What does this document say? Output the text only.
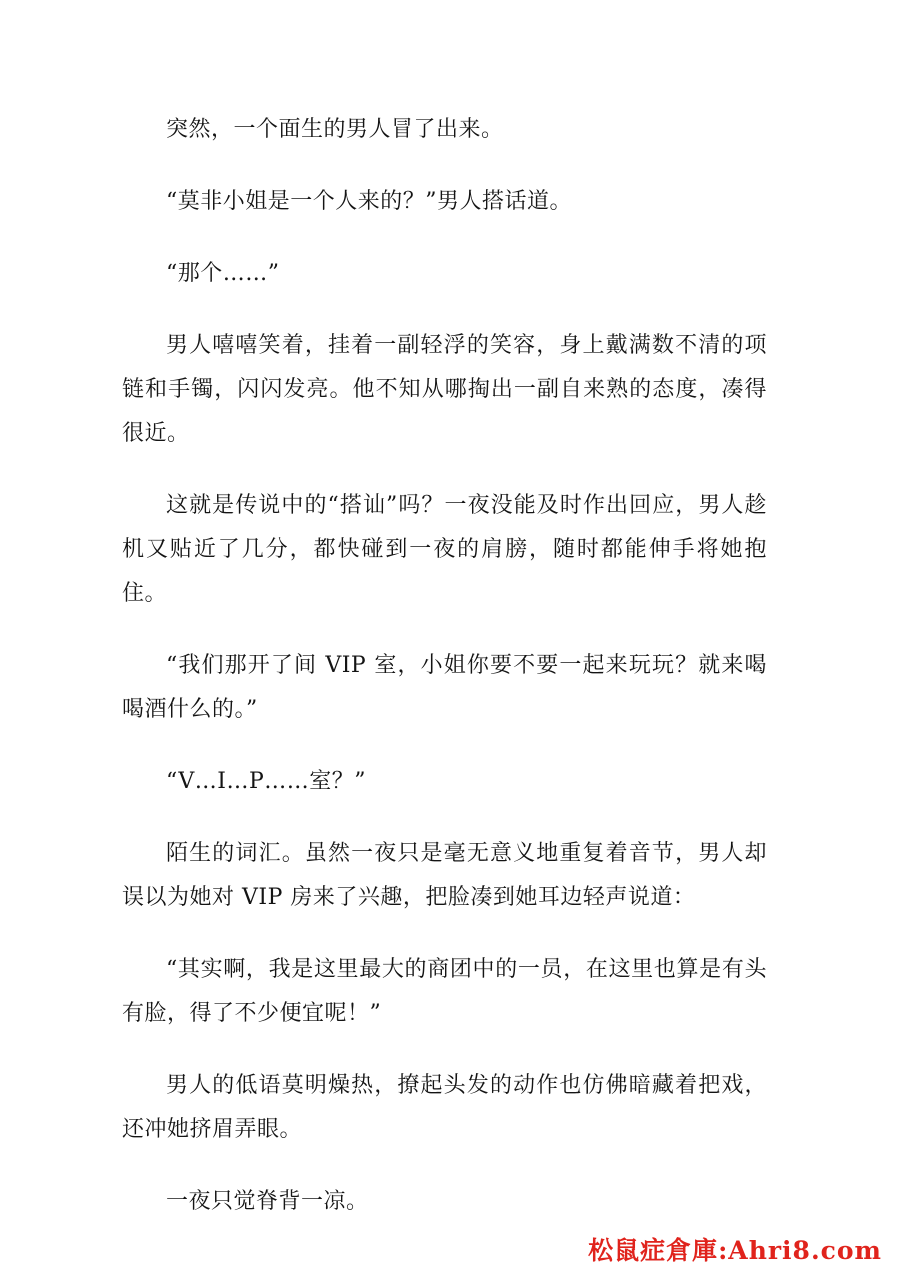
突然，一个面生的男人冒了出来。

“莫非小姐是一个人来的？”男人搭话道。

“那个……”

男人嘻嘻笑着，挂着一副轻浮的笑容，身上戴满数不清的项链和手镯，闪闪发亮。他不知从哪掏出一副自来熟的态度，凑得很近。

这就是传说中的“搭讪”吗？一夜没能及时作出回应，男人趁机又贴近了几分，都快碰到一夜的肩膀，随时都能伸手将她抱住。

“我们那开了间 VIP 室，小姐你要不要一起来玩玩？就来喝喝酒什么的。”

“V…I…P……室？”

陌生的词汇。虽然一夜只是毫无意义地重复着音节，男人却误以为她对 VIP 房来了兴趣，把脸凑到她耳边轻声说道：

“其实啊，我是这里最大的商团中的一员，在这里也算是有头有脸，得了不少便宜呢！”

男人的低语莫明燥热，撩起头发的动作也仿佛暗藏着把戏，还冲她挤眉弄眼。

一夜只觉脊背一凉。

松鼠症倉庫:Ahri8.com
